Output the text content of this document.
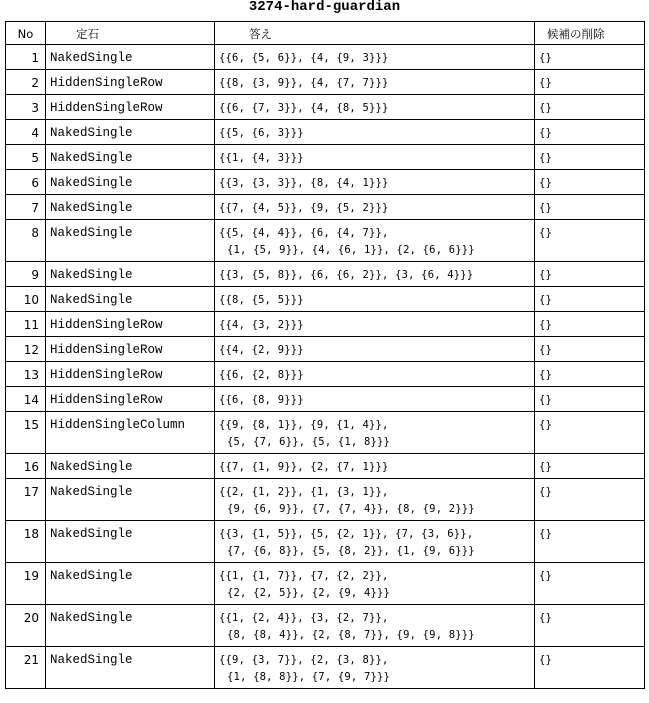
3274-hard-guardian
No	定石	答え	候補の削除
1	NakedSingle	{{6, {5, 6}}, {4, {9, 3}}}	{}
2	HiddenSingleRow	{{8, {3, 9}}, {4, {7, 7}}}	{}
3	HiddenSingleRow	{{6, {7, 3}}, {4, {8, 5}}}	{}
4	NakedSingle	{{5, {6, 3}}}	{}
5	NakedSingle	{{1, {4, 3}}}	{}
6	NakedSingle	{{3, {3, 3}}, {8, {4, 1}}}	{}
7	NakedSingle	{{7, {4, 5}}, {9, {5, 2}}}	{}
8	NakedSingle	{{5, {4, 4}}, {6, {4, 7}},
{1, {5, 9}}, {4, {6, 1}}, {2, {6, 6}}}	{}
9	NakedSingle	{{3, {5, 8}}, {6, {6, 2}}, {3, {6, 4}}}	{}
10	NakedSingle	{{8, {5, 5}}}	{}
11	HiddenSingleRow	{{4, {3, 2}}}	{}
12	HiddenSingleRow	{{4, {2, 9}}}	{}
13	HiddenSingleRow	{{6, {2, 8}}}	{}
14	HiddenSingleRow	{{6, {8, 9}}}	{}
15	HiddenSingleColumn	{{9, {8, 1}}, {9, {1, 4}},
{5, {7, 6}}, {5, {1, 8}}}	{}
16	NakedSingle	{{7, {1, 9}}, {2, {7, 1}}}	{}
17	NakedSingle	{{2, {1, 2}}, {1, {3, 1}},
{9, {6, 9}}, {7, {7, 4}}, {8, {9, 2}}}	{}
18	NakedSingle	{{3, {1, 5}}, {5, {2, 1}}, {7, {3, 6}},
{7, {6, 8}}, {5, {8, 2}}, {1, {9, 6}}}	{}
19	NakedSingle	{{1, {1, 7}}, {7, {2, 2}},
{2, {2, 5}}, {2, {9, 4}}}	{}
20	NakedSingle	{{1, {2, 4}}, {3, {2, 7}},
{8, {8, 4}}, {2, {8, 7}}, {9, {9, 8}}}	{}
21	NakedSingle	{{9, {3, 7}}, {2, {3, 8}},
{1, {8, 8}}, {7, {9, 7}}}	{}
